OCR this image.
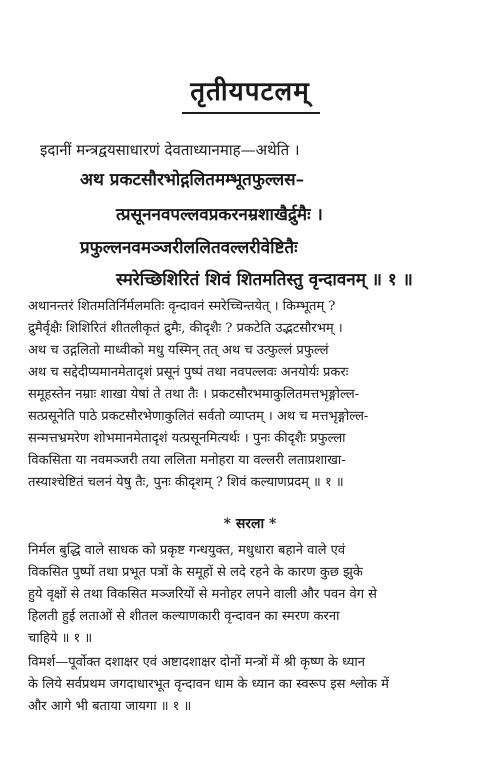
तृतीयपटलम्
इदानीं मन्त्रद्वयसाधारणं देवताध्यानमाह—अथेति ।
अथ प्रकटसौरभोद्गलितमम्भूतफुल्लस–
त्प्रसूननवपल्लवप्रकरनम्रशाखैर्द्रुमैः ।
प्रफुल्लनवमञ्जरीललितवल्लरीवेष्टितैः
स्मरेच्छिशिरितं शिवं शितमतिस्तु वृन्दावनम् ॥ १ ॥
अथानन्तरं शितमतिर्निर्मलमतिः वृन्दावनं स्मरेच्चिन्तयेत् । किम्भूतम् ?
द्रुमैर्वृक्षैः शिशिरितं शीतलीकृतं द्रुमैः, कीदृशैः ? प्रकटेति उद्भटसौरभम् ।
अथ च उद्गलितो माध्वीको मधु यस्मिन् तत् अथ च उत्फुल्लं प्रफुल्लं
अथ च सद्देदीप्यमानमेतादृशं प्रसूनं पुष्पं तथा नवपल्लवः अनयोर्यः प्रकरः
समूहस्तेन नम्राः शाखा येषां ते तथा तैः । प्रकटसौरभमाकुलितमत्तभृङ्गोल्ल-
सत्प्रसूनेति पाठे प्रकटसौरभेणाकुलितं सर्वतो व्याप्तम् । अथ च मत्तभृङ्गोल्ल-
सन्मत्तभ्रमरेण शोभमानमेतादृशं यत्प्रसूनमित्यर्थः । पुनः कीदृशैः प्रफुल्ला
विकसिता या नवमञ्जरी तया ललिता मनोहरा या वल्लरी लताप्रशाखा-
तस्याश्चेष्टितं चलनं येषु तैः, पुनः कीदृशम् ? शिवं कल्याणप्रदम् ॥ १ ॥
* सरला *
निर्मल बुद्धि वाले साधक को प्रकृष्ट गन्धयुक्त, मधुधारा बहाने वाले एवं
विकसित पुष्पों तथा प्रभूत पत्रों के समूहों से लदे रहने के कारण कुछ झुके
हुये वृक्षों से तथा विकसित मञ्जरियों से मनोहर लपने वाली और पवन वेग से
हिलती हुई लताओं से शीतल कल्याणकारी वृन्दावन का स्मरण करना
चाहिये ॥ १ ॥
विमर्श—पूर्वोक्त दशाक्षर एवं अष्टादशाक्षर दोनों मन्त्रों में श्री कृष्ण के ध्यान
के लिये सर्वप्रथम जगदाधारभूत वृन्दावन धाम के ध्यान का स्वरूप इस श्लोक में
और आगे भी बताया जायगा ॥ १ ॥
